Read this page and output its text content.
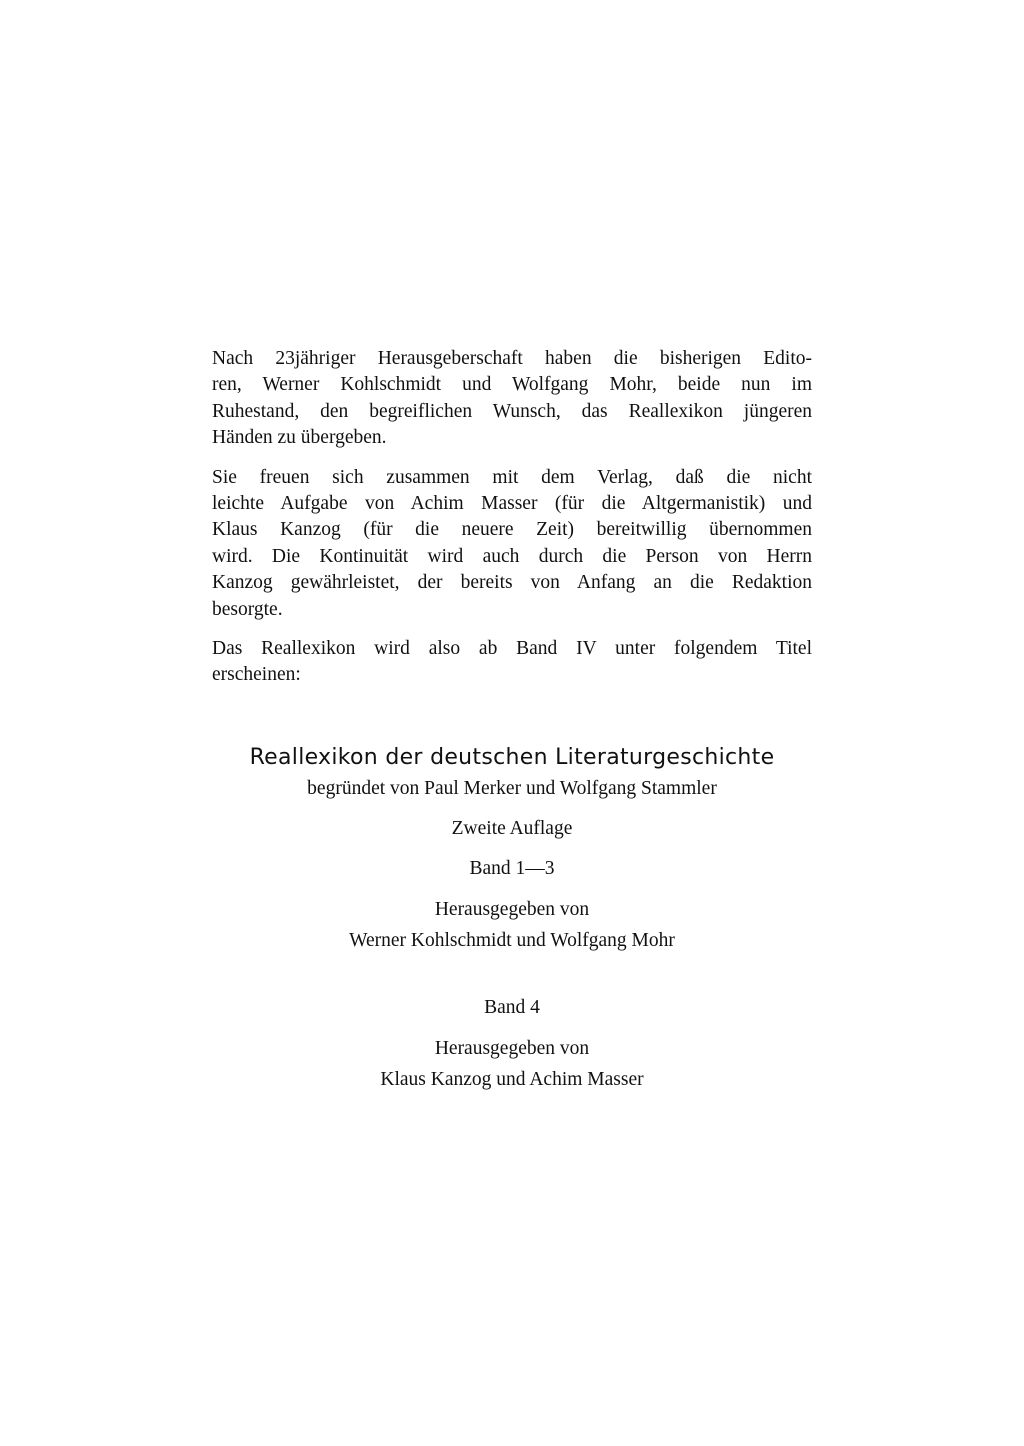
Nach 23jähriger Herausgeberschaft haben die bisherigen Edito-
ren, Werner Kohlschmidt und Wolfgang Mohr, beide nun im
Ruhestand, den begreiflichen Wunsch, das Reallexikon jüngeren
Händen zu übergeben.
Sie freuen sich zusammen mit dem Verlag, daß die nicht
leichte Aufgabe von Achim Masser (für die Altgermanistik) und
Klaus Kanzog (für die neuere Zeit) bereitwillig übernommen
wird. Die Kontinuität wird auch durch die Person von Herrn
Kanzog gewährleistet, der bereits von Anfang an die Redaktion
besorgte.
Das Reallexikon wird also ab Band IV unter folgendem Titel
erscheinen:
Reallexikon der deutschen Literaturgeschichte
begründet von Paul Merker und Wolfgang Stammler
Zweite Auflage
Band 1—3
Herausgegeben von
Werner Kohlschmidt und Wolfgang Mohr
Band 4
Herausgegeben von
Klaus Kanzog und Achim Masser
